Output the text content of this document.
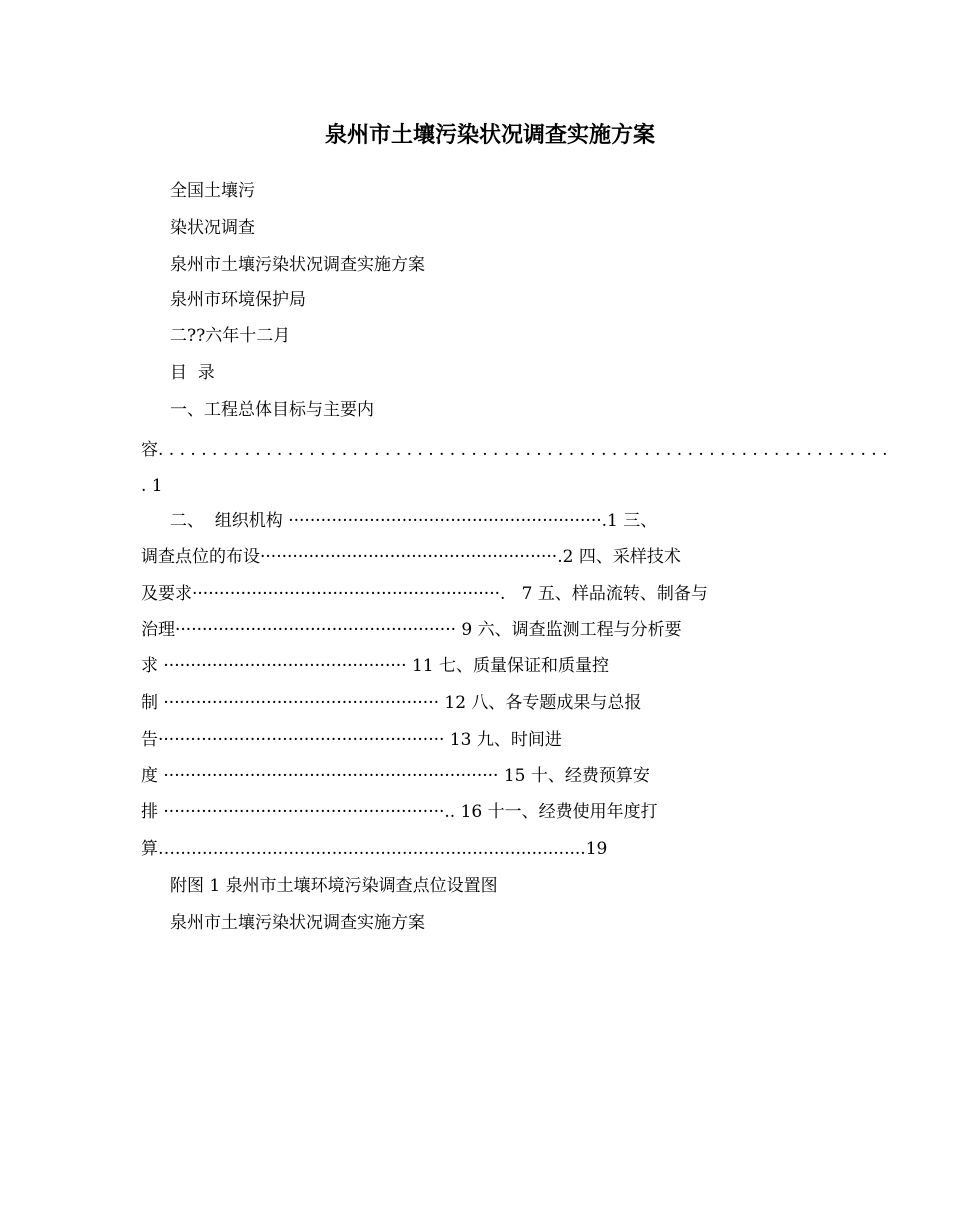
泉州市土壤污染状况调查实施方案
全国土壤污
染状况调查
泉州市土壤污染状况调查实施方案
泉州市环境保护局
二??六年十二月
目  录
一、工程总体目标与主要内
容. . . . . . . . . . . . . . . . . . . . . . . . . . . . . . . . . . . . . . . . . . . . . . . . . . . . . . . . . . . . . . . . . . . .
. 1
二、  组织机构 ··························································.1 三、
调查点位的布设·······················································.2 四、采样技术
及要求·························································.   7 五、样品流转、制备与
治理···················································· 9 六、调查监测工程与分析要
求 ············································· 11 七、质量保证和质量控
制 ··················································· 12 八、各专题成果与总报
告····················································· 13 九、时间进
度 ······························································ 15 十、经费预算安
排 ····················································.. 16 十一、经费使用年度打
算…............................................................................19
附图 1 泉州市土壤环境污染调查点位设置图
泉州市土壤污染状况调查实施方案
